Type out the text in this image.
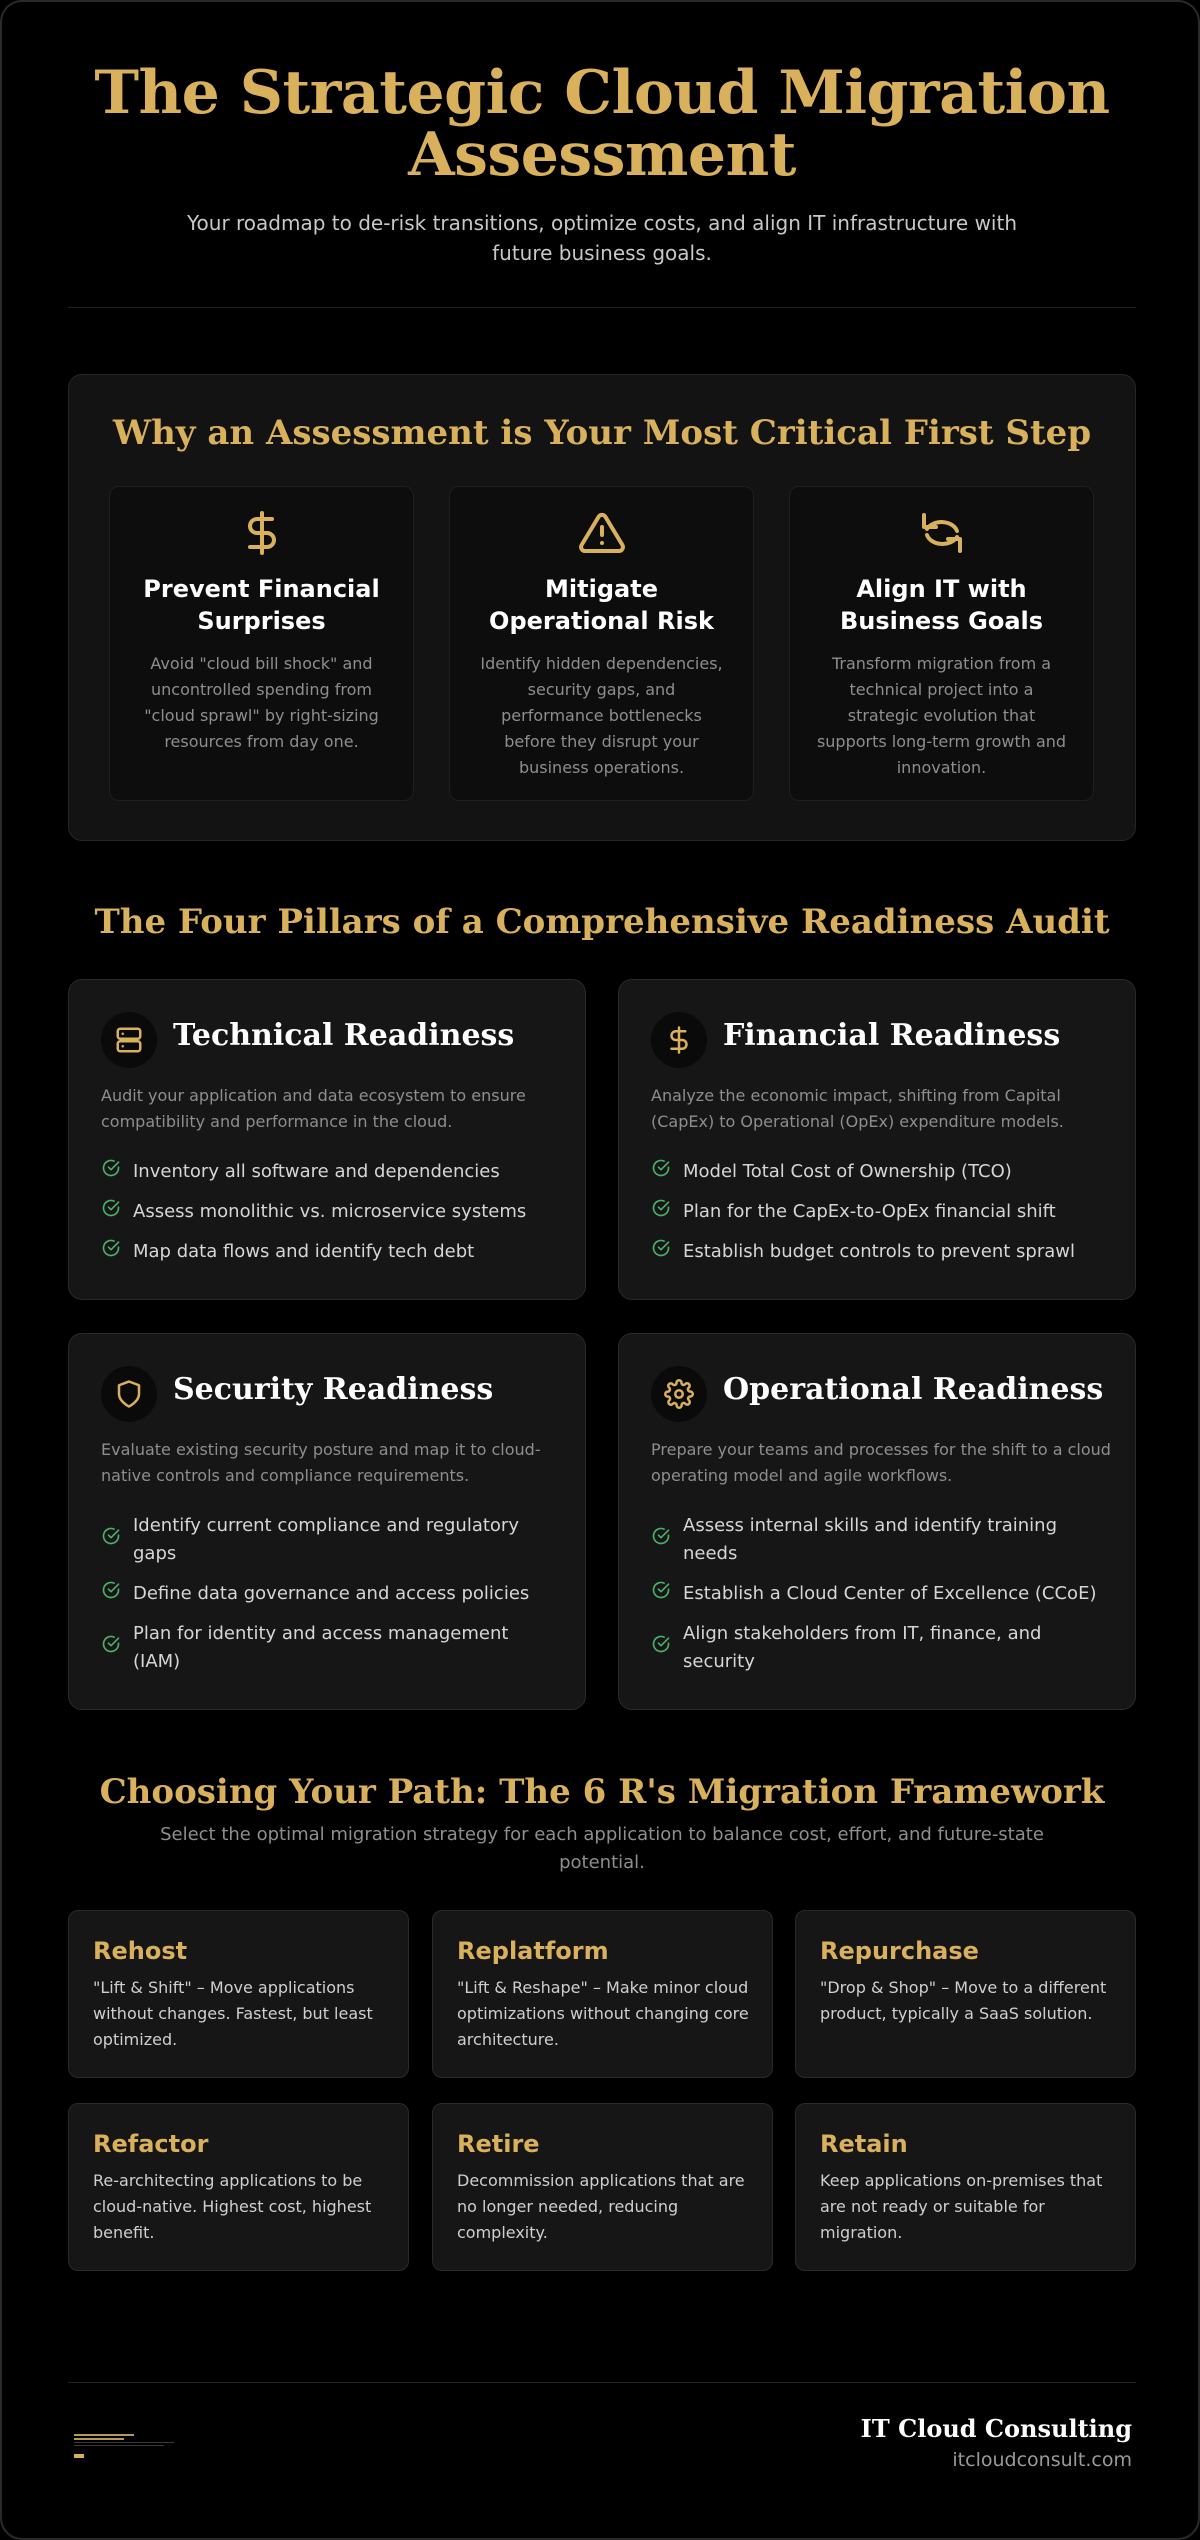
The Strategic Cloud Migration Assessment

Your roadmap to de-risk transitions, optimize costs, and align IT infrastructure with future business goals.

Why an Assessment is Your Most Critical First Step
Prevent Financial Surprises

Avoid "cloud bill shock" and uncontrolled spending from "cloud sprawl" by right-sizing resources from day one.

Mitigate Operational Risk

Identify hidden dependencies, security gaps, and performance bottlenecks before they disrupt your business operations.

Align IT with Business Goals

Transform migration from a technical project into a strategic evolution that supports long-term growth and innovation.

The Four Pillars of a Comprehensive Readiness Audit
Technical Readiness
Audit your application and data ecosystem to ensure compatibility and performance in the cloud.
Inventory all software and dependencies
Assess monolithic vs. microservice systems
Map data flows and identify tech debt
Financial Readiness
Analyze the economic impact, shifting from Capital (CapEx) to Operational (OpEx) expenditure models.
Model Total Cost of Ownership (TCO)
Plan for the CapEx-to-OpEx financial shift
Establish budget controls to prevent sprawl
Security Readiness
Evaluate existing security posture and map it to cloud-native controls and compliance requirements.
Identify current compliance and regulatory gaps
Define data governance and access policies
Plan for identity and access management (IAM)
Operational Readiness
Prepare your teams and processes for the shift to a cloud operating model and agile workflows.
Assess internal skills and identify training needs
Establish a Cloud Center of Excellence (CCoE)
Align stakeholders from IT, finance, and security
Choosing Your Path: The 6 R's Migration Framework
Select the optimal migration strategy for each application to balance cost, effort, and future-state potential.
Rehost

"Lift & Shift" – Move applications without changes. Fastest, but least optimized.

Replatform

"Lift & Reshape" – Make minor cloud optimizations without changing core architecture.

Repurchase

"Drop & Shop" – Move to a different product, typically a SaaS solution.

Refactor

Re-architecting applications to be cloud-native. Highest cost, highest benefit.

Retire

Decommission applications that are no longer needed, reducing complexity.

Retain

Keep applications on-premises that are not ready or suitable for migration.

IT Cloud Consulting
itcloudconsult.com
